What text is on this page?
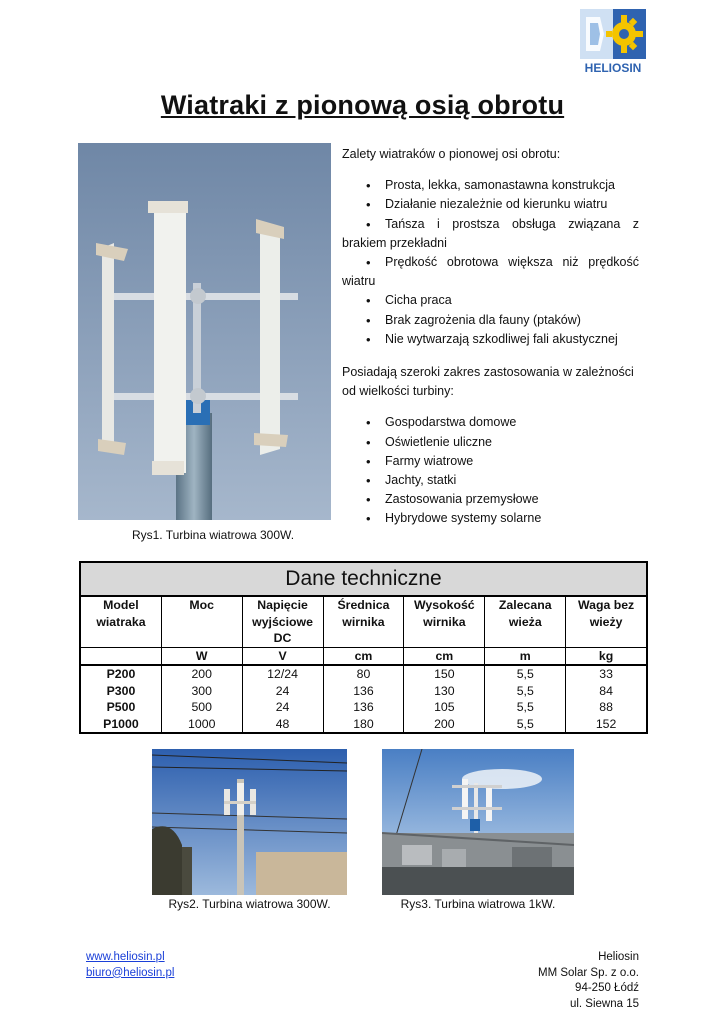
HELIOSIN
Wiatraki z pionową osią obrotu
Rys1. Turbina wiatrowa 300W.

Zalety wiatraków o pionowej osi obrotu:

• Prosta, lekka, samonastawna konstrukcja
• Działanie niezależnie od kierunku wiatru
• Tańsza i prostsza obsługa związana z brakiem przekładni
• Prędkość obrotowa większa niż prędkość wiatru
• Cicha praca
• Brak zagrożenia dla fauny (ptaków)
• Nie wytwarzają szkodliwej fali akustycznej

Posiadają szeroki zakres zastosowania w zależności od wielkości turbiny:

• Gospodarstwa domowe
• Oświetlenie uliczne
• Farmy wiatrowe
• Jachty, statki
• Zastosowania przemysłowe
• Hybrydowe systemy solarne
Dane techniczne						
Model wiatraka	Moc	Napięcie wyjściowe DC	Średnica wirnika	Wysokość wirnika	Zalecana wieża	Waga bez wieży
	W	V	cm	cm	m	kg
P200	200	12/24	80	150	5,5	33
P300	300	24	136	130	5,5	84
P500	500	24	136	105	5,5	88
P1000	1000	48	180	200	5,5	152
Rys2. Turbina wiatrowa 300W.	Rys3. Turbina wiatrowa 1kW.
www.heliosin.pl
biuro@heliosin.pl
Heliosin
MM Solar Sp. z o.o.
94-250 Łódź
ul. Siewna 15
